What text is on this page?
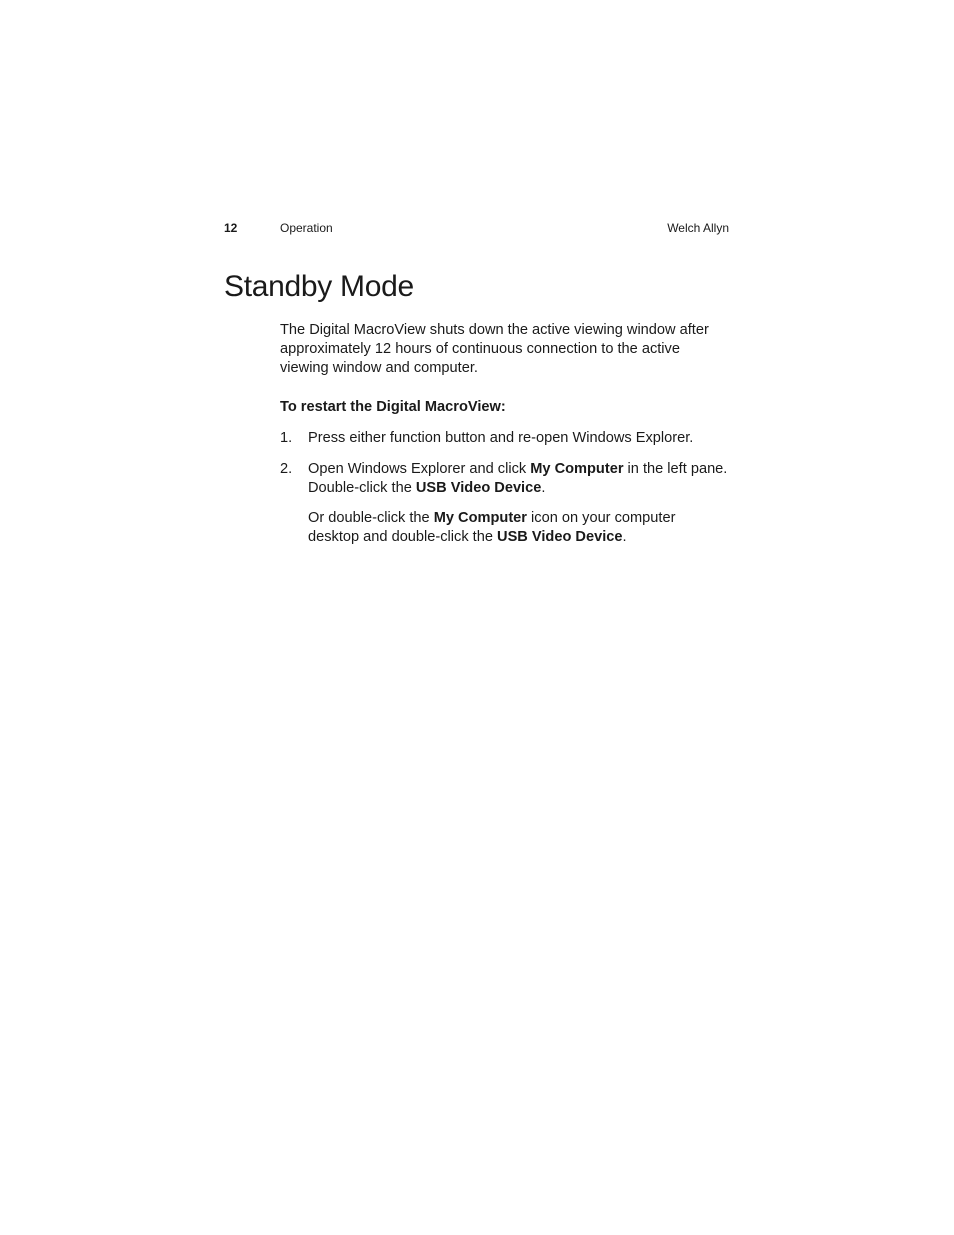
12	Operation	Welch Allyn
Standby Mode

The Digital MacroView shuts down the active viewing window after approximately 12 hours of continuous connection to the active viewing window and computer.

To restart the Digital MacroView:

1. Press either function button and re-open Windows Explorer.

2. Open Windows Explorer and click My Computer in the left pane. Double-click the USB Video Device.

Or double-click the My Computer icon on your computer desktop and double-click the USB Video Device.
